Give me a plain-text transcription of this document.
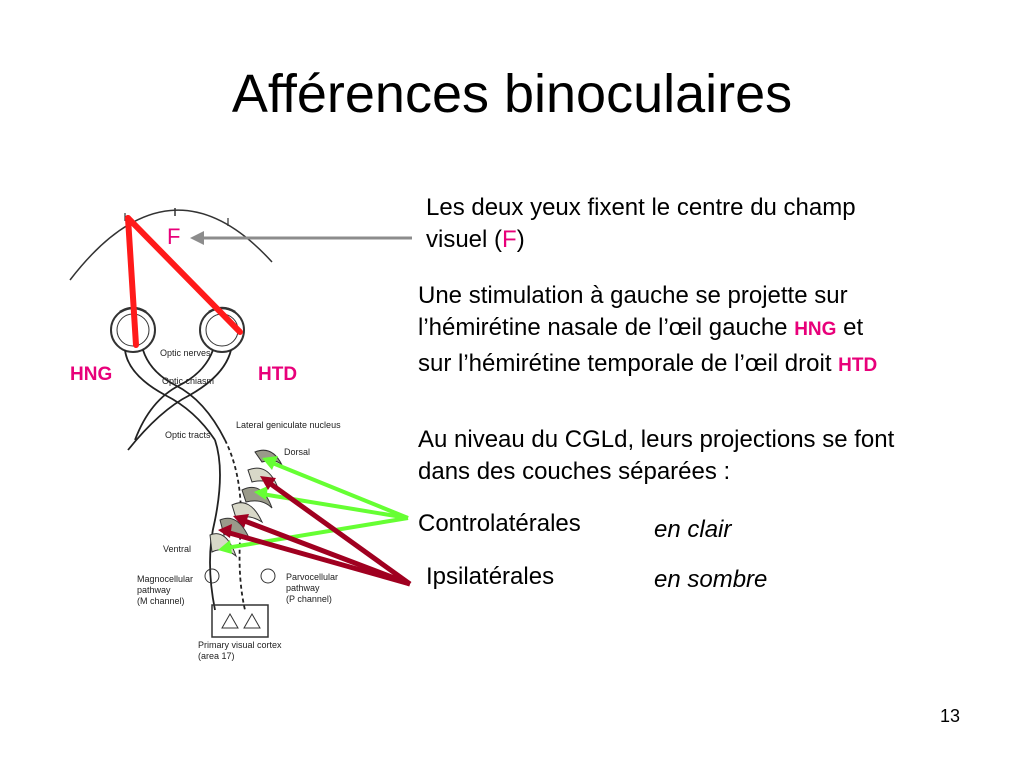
Afférences binoculaires
Optic nerves
Optic chiasm
Optic tracts
Lateral geniculate nucleus
Dorsal
Ventral
Magnocellular
pathway
(M channel)
Parvocellular
pathway
(P channel)
Primary visual cortex
(area 17)
F
HNG	HTD
Les deux yeux fixent le centre du champ
visuel (F)
Une stimulation à gauche se projette sur
l’hémirétine nasale de l’œil gauche HNG et
sur l’hémirétine temporale de l’œil droit HTD
Au niveau du CGLd, leurs projections se font
dans des couches séparées :
Controlatérales
Ipsilatérales
en clair
en sombre
13
